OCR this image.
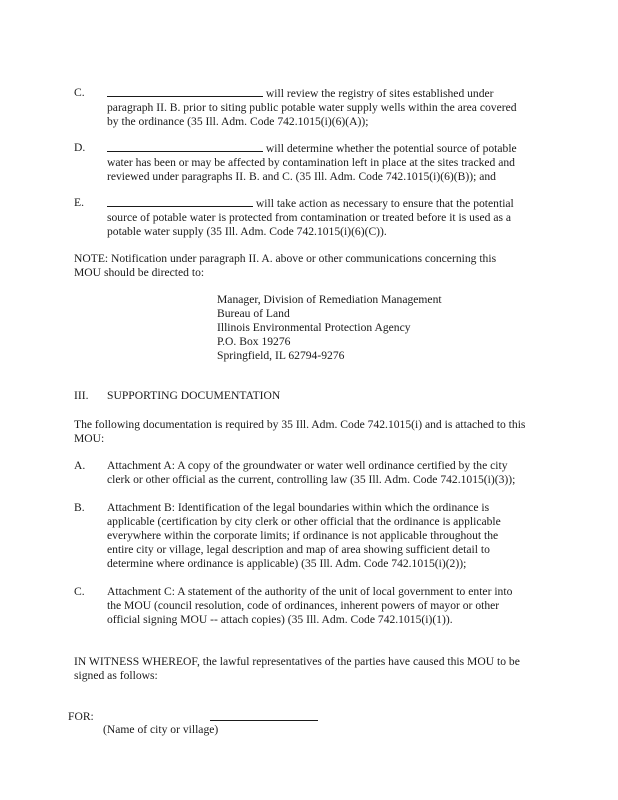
C.	will review the registry of sites established under
paragraph II. B. prior to siting public potable water supply wells within the area covered
by the ordinance (35 Ill. Adm. Code 742.1015(i)(6)(A));
D.	will determine whether the potential source of potable
water has been or may be affected by contamination left in place at the sites tracked and
reviewed under paragraphs II. B. and C. (35 Ill. Adm. Code 742.1015(i)(6)(B)); and
E.	will take action as necessary to ensure that the potential
source of potable water is protected from contamination or treated before it is used as a
potable water supply (35 Ill. Adm. Code 742.1015(i)(6)(C)).
NOTE: Notification under paragraph II. A. above or other communications concerning this
MOU should be directed to:
Manager, Division of Remediation Management
Bureau of Land
Illinois Environmental Protection Agency
P.O. Box 19276
Springfield, IL 62794-9276
III. SUPPORTING DOCUMENTATION
The following documentation is required by 35 Ill. Adm. Code 742.1015(i) and is attached to this
MOU:
A. Attachment A: A copy of the groundwater or water well ordinance certified by the city
clerk or other official as the current, controlling law (35 Ill. Adm. Code 742.1015(i)(3));
B. Attachment B: Identification of the legal boundaries within which the ordinance is
applicable (certification by city clerk or other official that the ordinance is applicable
everywhere within the corporate limits; if ordinance is not applicable throughout the
entire city or village, legal description and map of area showing sufficient detail to
determine where ordinance is applicable) (35 Ill. Adm. Code 742.1015(i)(2));
C. Attachment C: A statement of the authority of the unit of local government to enter into
the MOU (council resolution, code of ordinances, inherent powers of mayor or other
official signing MOU -- attach copies) (35 Ill. Adm. Code 742.1015(i)(1)).
IN WITNESS WHEREOF, the lawful representatives of the parties have caused this MOU to be
signed as follows:
FOR:
(Name of city or village)
